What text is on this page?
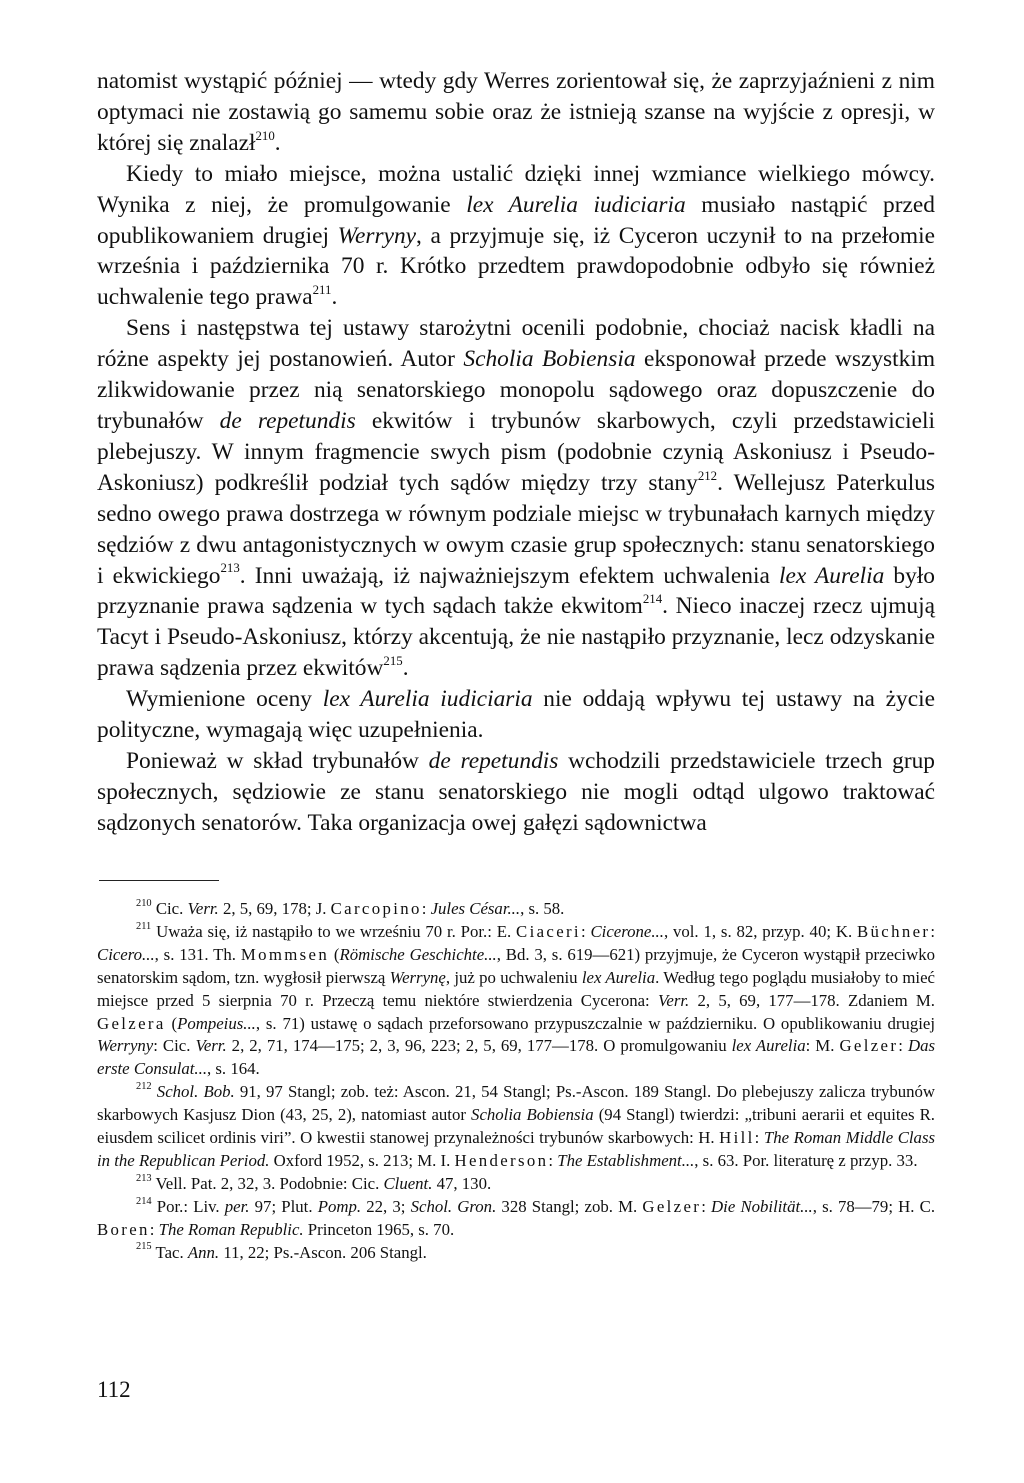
natomist wystąpić później — wtedy gdy Werres zorientował się, że zaprzyjaźnieni z nim optymaci nie zostawią go samemu sobie oraz że istnieją szanse na wyjście z opresji, w której się znalazł$^{210}$.

Kiedy to miało miejsce, można ustalić dzięki innej wzmiance wielkiego mówcy. Wynika z niej, że promulgowanie lex Aurelia iudiciaria musiało nastąpić przed opublikowaniem drugiej Werryny, a przyjmuje się, iż Cyceron uczynił to na przełomie września i października 70 r. Krótko przedtem prawdopodobnie odbyło się również uchwalenie tego prawa$^{211}$.

Sens i następstwa tej ustawy starożytni ocenili podobnie, chociaż nacisk kładli na różne aspekty jej postanowień. Autor Scholia Bobiensia eksponował przede wszystkim zlikwidowanie przez nią senatorskiego monopolu sądowego oraz dopuszczenie do trybunałów de repetundis ekwitów i trybunów skarbowych, czyli przedstawicieli plebejuszy. W innym fragmencie swych pism (podobnie czynią Askoniusz i Pseudo-Askoniusz) podkreślił podział tych sądów między trzy stany$^{212}$. Wellejusz Paterkulus sedno owego prawa dostrzega w równym podziale miejsc w trybunałach karnych między sędziów z dwu antagonistycznych w owym czasie grup społecznych: stanu senatorskiego i ekwickiego$^{213}$. Inni uważają, iż najważniejszym efektem uchwalenia lex Aurelia było przyznanie prawa sądzenia w tych sądach także ekwitom$^{214}$. Nieco inaczej rzecz ujmują Tacyt i Pseudo-Askoniusz, którzy akcentują, że nie nastąpiło przyznanie, lecz odzyskanie prawa sądzenia przez ekwitów$^{215}$.

Wymienione oceny lex Aurelia iudiciaria nie oddają wpływu tej ustawy na życie polityczne, wymagają więc uzupełnienia.

Ponieważ w skład trybunałów de repetundis wchodzili przedstawiciele trzech grup społecznych, sędziowie ze stanu senatorskiego nie mogli odtąd ulgowo traktować sądzonych senatorów. Taka organizacja owej gałęzi sądownictwa

$^{210}$ Cic. Verr. 2, 5, 69, 178; J. Carcopino: Jules César..., s. 58.

$^{211}$ Uważa się, iż nastąpiło to we wrześniu 70 r. Por.: E. Ciaceri: Cicerone..., vol. 1, s. 82, przyp. 40; K. Büchner: Cicero..., s. 131. Th. Mommsen (Römische Geschichte..., Bd. 3, s. 619—621) przyjmuje, że Cyceron wystąpił przeciwko senatorskim sądom, tzn. wygłosił pierwszą Werrynę, już po uchwaleniu lex Aurelia. Według tego poglądu musiałoby to mieć miejsce przed 5 sierpnia 70 r. Przeczą temu niektóre stwierdzenia Cycerona: Verr. 2, 5, 69, 177—178. Zdaniem M. Gelzera (Pompeius..., s. 71) ustawę o sądach przeforsowano przypuszczalnie w październiku. O opublikowaniu drugiej Werryny: Cic. Verr. 2, 2, 71, 174—175; 2, 3, 96, 223; 2, 5, 69, 177—178. O promulgowaniu lex Aurelia: M. Gelzer: Das erste Consulat..., s. 164.

$^{212}$ Schol. Bob. 91, 97 Stangl; zob. też: Ascon. 21, 54 Stangl; Ps.-Ascon. 189 Stangl. Do plebejuszy zalicza trybunów skarbowych Kasjusz Dion (43, 25, 2), natomiast autor Scholia Bobiensia (94 Stangl) twierdzi: „tribuni aerarii et equites R. eiusdem scilicet ordinis viri”. O kwestii stanowej przynależności trybunów skarbowych: H. Hill: The Roman Middle Class in the Republican Period. Oxford 1952, s. 213; M. I. Henderson: The Establishment..., s. 63. Por. literaturę z przyp. 33.

$^{213}$ Vell. Pat. 2, 32, 3. Podobnie: Cic. Cluent. 47, 130.

$^{214}$ Por.: Liv. per. 97; Plut. Pomp. 22, 3; Schol. Gron. 328 Stangl; zob. M. Gelzer: Die Nobilität..., s. 78—79; H. C. Boren: The Roman Republic. Princeton 1965, s. 70.

$^{215}$ Tac. Ann. 11, 22; Ps.-Ascon. 206 Stangl.

112
